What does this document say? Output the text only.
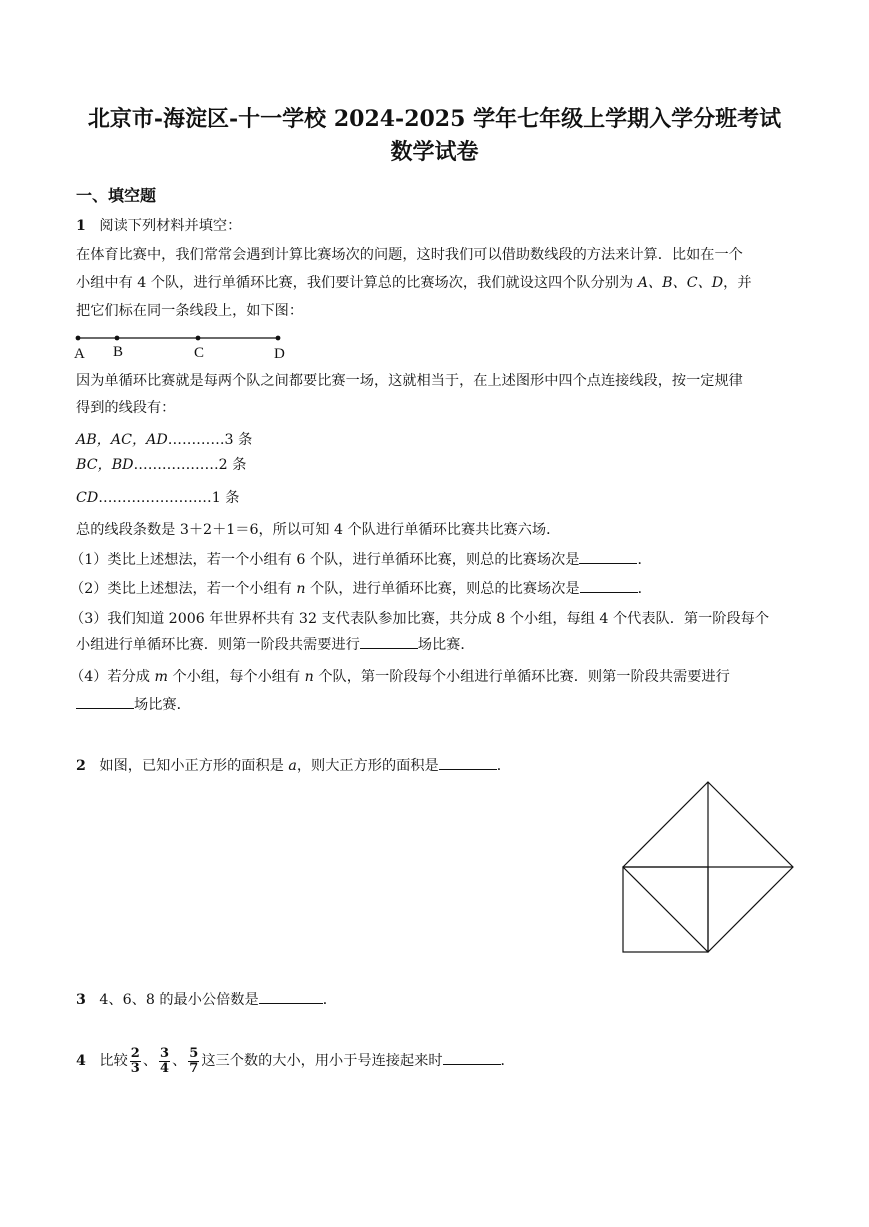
北京市-海淀区-十一学校 2024-2025 学年七年级上学期入学分班考试
数学试卷
一、填空题
1 阅读下列材料并填空：
在体育比赛中，我们常常会遇到计算比赛场次的问题，这时我们可以借助数线段的方法来计算．比如在一个
小组中有 4 个队，进行单循环比赛，我们要计算总的比赛场次，我们就设这四个队分别为 A、B、C、D，并
把它们标在同一条线段上，如下图：
A B	C	D
因为单循环比赛就是每两个队之间都要比赛一场，这就相当于，在上述图形中四个点连接线段，按一定规律
得到的线段有：
AB，AC，AD…………3 条
BC，BD………………2 条
CD……………………1 条
总的线段条数是 3＋2＋1＝6，所以可知 4 个队进行单循环比赛共比赛六场．
（1）类比上述想法，若一个小组有 6 个队，进行单循环比赛，则总的比赛场次是	．
（2）类比上述想法，若一个小组有 n 个队，进行单循环比赛，则总的比赛场次是	．
（3）我们知道 2006 年世界杯共有 32 支代表队参加比赛，共分成 8 个小组，每组 4 个代表队．第一阶段每个
小组进行单循环比赛．则第一阶段共需要进行	场比赛．
（4）若分成 m 个小组，每个小组有 n 个队，第一阶段每个小组进行单循环比赛．则第一阶段共需要进行
场比赛．
2 如图，已知小正方形的面积是 a，则大正方形的面积是	．
3 4、6、8 的最小公倍数是	．
4 比较 $\frac{2}{3}$ 、 $\frac{3}{4}$ 、 $\frac{5}{7}$ 这三个数的大小，用小于号连接起来时	．
